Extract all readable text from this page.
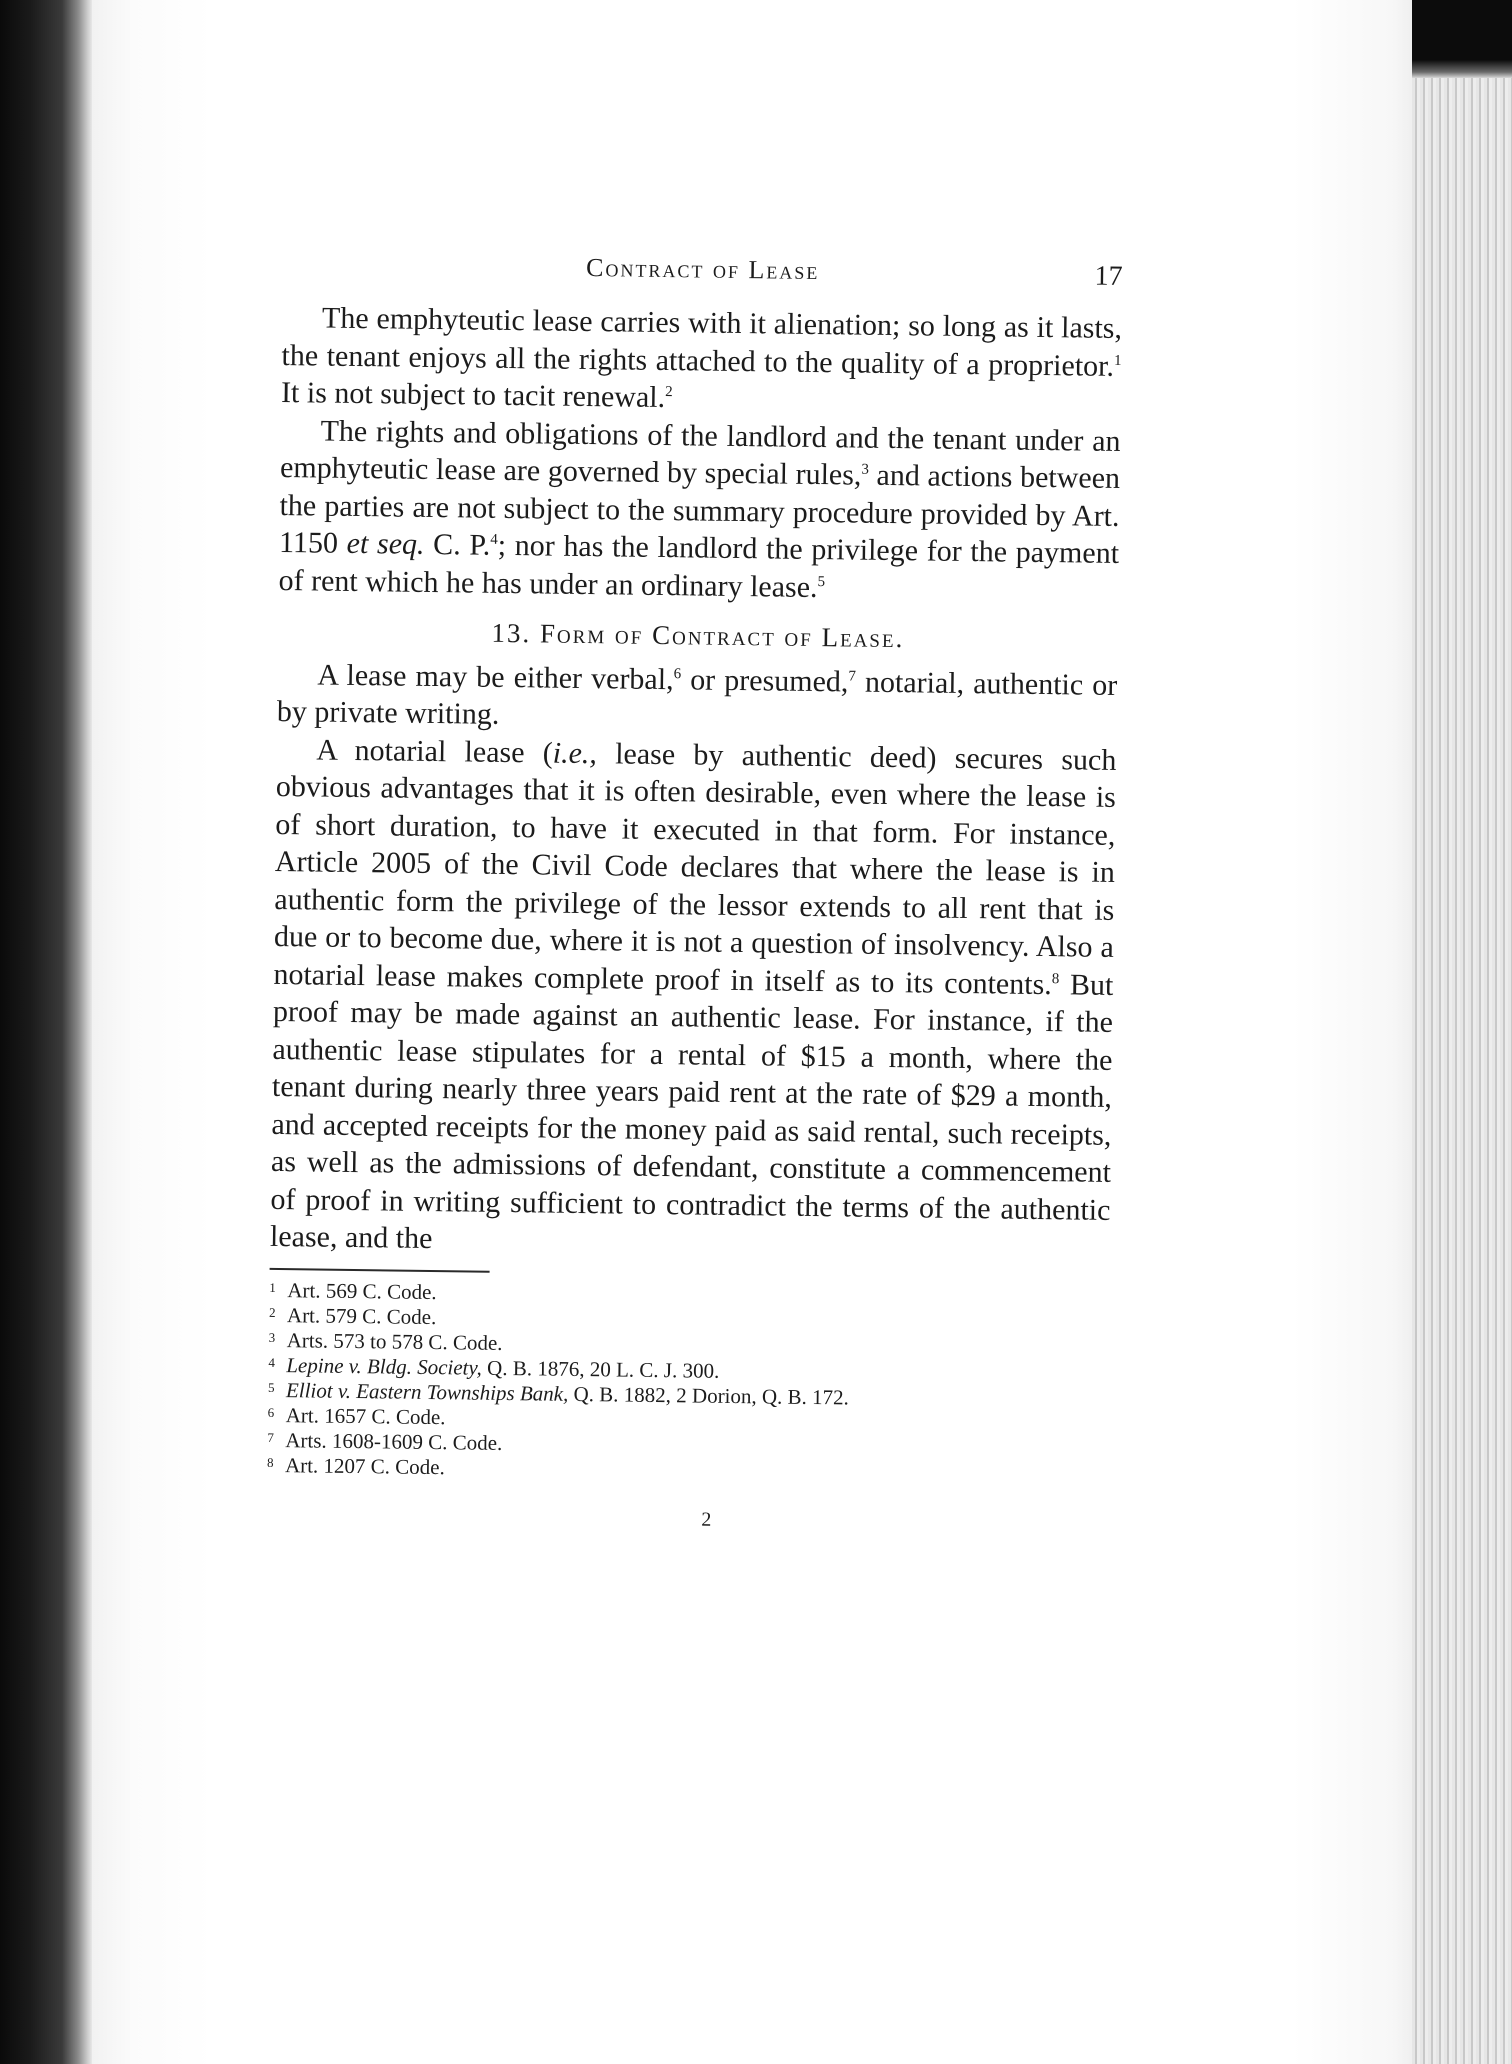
Contract of Lease	17

The emphyteutic lease carries with it alienation; so long as it lasts, the tenant enjoys all the rights attached to the quality of a proprietor.$^1$ It is not subject to tacit renewal.$^2$

The rights and obligations of the landlord and the tenant under an emphyteutic lease are governed by special rules,$^3$ and actions between the parties are not subject to the summary procedure provided by Art. 1150 et seq. C. P.$^4$; nor has the landlord the privilege for the payment of rent which he has under an ordinary lease.$^5$

13. Form of Contract of Lease.

A lease may be either verbal,$^6$ or presumed,$^7$ notarial, authentic or by private writing.

A notarial lease (i.e., lease by authentic deed) secures such obvious advantages that it is often desirable, even where the lease is of short duration, to have it executed in that form. For instance, Article 2005 of the Civil Code declares that where the lease is in authentic form the privilege of the lessor extends to all rent that is due or to become due, where it is not a question of insolvency. Also a notarial lease makes complete proof in itself as to its contents.$^8$ But proof may be made against an authentic lease. For instance, if the authentic lease stipulates for a rental of $15 a month, where the tenant during nearly three years paid rent at the rate of $29 a month, and accepted receipts for the money paid as said rental, such receipts, as well as the admissions of defendant, constitute a commencement of proof in writing sufficient to contradict the terms of the authentic lease, and the

1 Art. 569 C. Code.

2 Art. 579 C. Code.

3 Arts. 573 to 578 C. Code.

4 Lepine v. Bldg. Society, Q. B. 1876, 20 L. C. J. 300.

5 Elliot v. Eastern Townships Bank, Q. B. 1882, 2 Dorion, Q. B. 172.

6 Art. 1657 C. Code.

7 Arts. 1608-1609 C. Code.

8 Art. 1207 C. Code.

2
